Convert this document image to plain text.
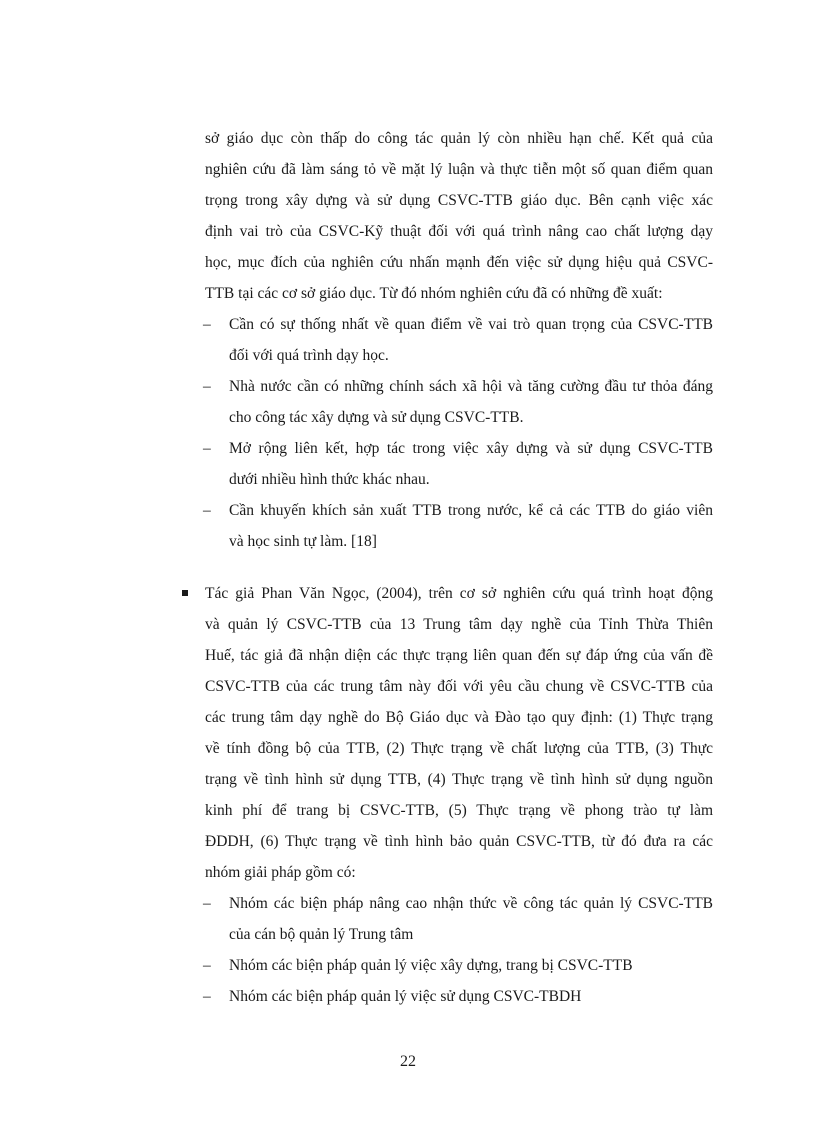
sở giáo dục còn thấp do công tác quản lý còn nhiều hạn chế. Kết quả của
nghiên cứu đã làm sáng tỏ về mặt lý luận và thực tiễn một số quan điểm quan
trọng trong xây dựng và sử dụng CSVC-TTB giáo dục. Bên cạnh việc xác
định vai trò của CSVC-Kỹ thuật đối với quá trình nâng cao chất lượng dạy
học, mục đích của nghiên cứu nhấn mạnh đến việc sử dụng hiệu quả CSVC-
TTB tại các cơ sở giáo dục. Từ đó nhóm nghiên cứu đã có những đề xuất:
– Cần có sự thống nhất về quan điểm về vai trò quan trọng của CSVC-TTB
đối với quá trình dạy học.
– Nhà nước cần có những chính sách xã hội và tăng cường đầu tư thỏa đáng
cho công tác xây dựng và sử dụng CSVC-TTB.
– Mở rộng liên kết, hợp tác trong việc xây dựng và sử dụng CSVC-TTB
dưới nhiều hình thức khác nhau.
– Cần khuyến khích sản xuất TTB trong nước, kể cả các TTB do giáo viên
và học sinh tự làm. [18]
Tác giả Phan Văn Ngọc, (2004), trên cơ sở nghiên cứu quá trình hoạt động
và quản lý CSVC-TTB của 13 Trung tâm dạy nghề của Tỉnh Thừa Thiên
Huế, tác giả đã nhận diện các thực trạng liên quan đến sự đáp ứng của vấn đề
CSVC-TTB của các trung tâm này đối với yêu cầu chung về CSVC-TTB của
các trung tâm dạy nghề do Bộ Giáo dục và Đào tạo quy định: (1) Thực trạng
về tính đồng bộ của TTB, (2) Thực trạng về chất lượng của TTB, (3) Thực
trạng về tình hình sử dụng TTB, (4) Thực trạng về tình hình sử dụng nguồn
kinh phí để trang bị CSVC-TTB, (5) Thực trạng về phong trào tự làm
ĐDDH, (6) Thực trạng về tình hình bảo quản CSVC-TTB, từ đó đưa ra các
nhóm giải pháp gồm có:
– Nhóm các biện pháp nâng cao nhận thức về công tác quản lý CSVC-TTB
của cán bộ quản lý Trung tâm
– Nhóm các biện pháp quản lý việc xây dựng, trang bị CSVC-TTB
– Nhóm các biện pháp quản lý việc sử dụng CSVC-TBDH
22
